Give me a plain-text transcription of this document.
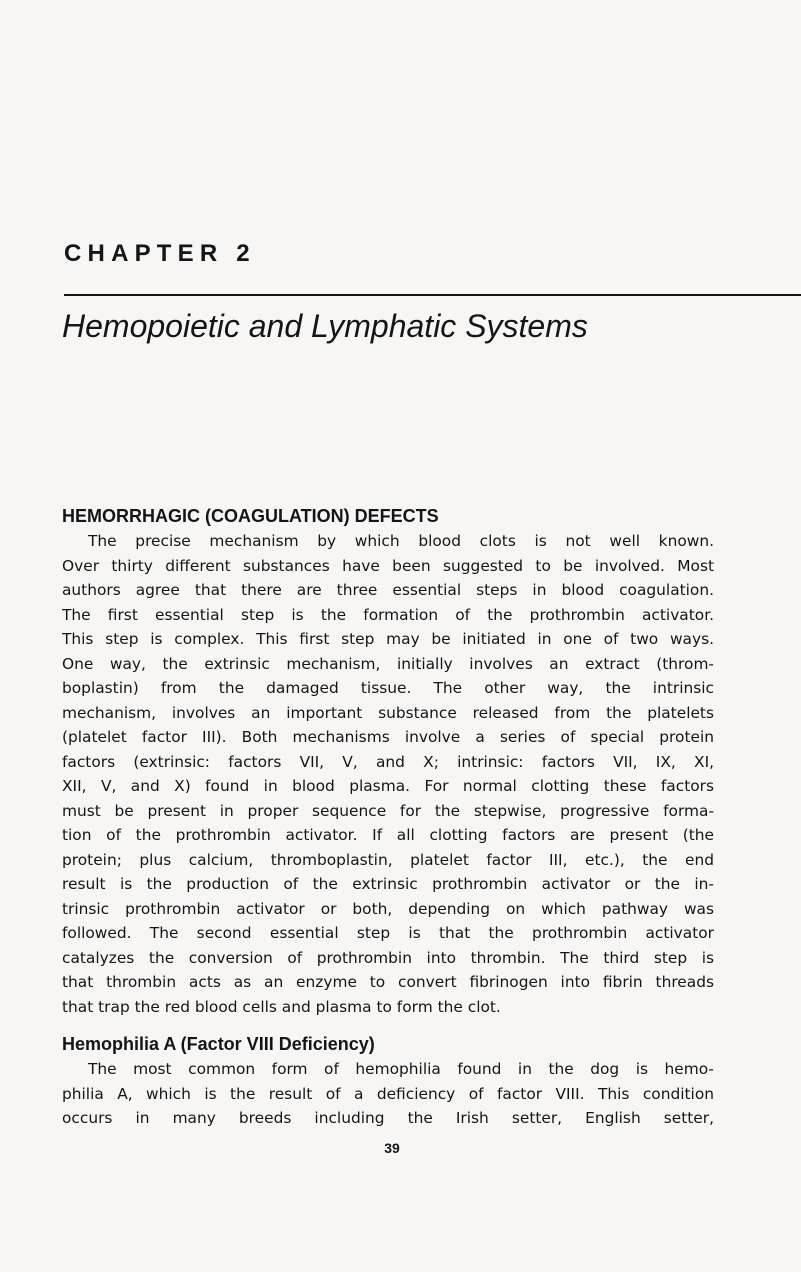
CHAPTER 2
Hemopoietic and Lymphatic Systems
HEMORRHAGIC (COAGULATION) DEFECTS
The precise mechanism by which blood clots is not well known.
Over thirty different substances have been suggested to be involved. Most
authors agree that there are three essential steps in blood coagulation.
The first essential step is the formation of the prothrombin activator.
This step is complex. This first step may be initiated in one of two ways.
One way, the extrinsic mechanism, initially involves an extract (throm-
boplastin) from the damaged tissue. The other way, the intrinsic
mechanism, involves an important substance released from the platelets
(platelet factor III). Both mechanisms involve a series of special protein
factors (extrinsic: factors VII, V, and X; intrinsic: factors VII, IX, XI,
XII, V, and X) found in blood plasma. For normal clotting these factors
must be present in proper sequence for the stepwise, progressive forma-
tion of the prothrombin activator. If all clotting factors are present (the
protein; plus calcium, thromboplastin, platelet factor III, etc.), the end
result is the production of the extrinsic prothrombin activator or the in-
trinsic prothrombin activator or both, depending on which pathway was
followed. The second essential step is that the prothrombin activator
catalyzes the conversion of prothrombin into thrombin. The third step is
that thrombin acts as an enzyme to convert fibrinogen into fibrin threads
that trap the red blood cells and plasma to form the clot.
Hemophilia A (Factor VIII Deficiency)
The most common form of hemophilia found in the dog is hemo-
philia A, which is the result of a deficiency of factor VIII. This condition
occurs in many breeds including the Irish setter, English setter,
39
